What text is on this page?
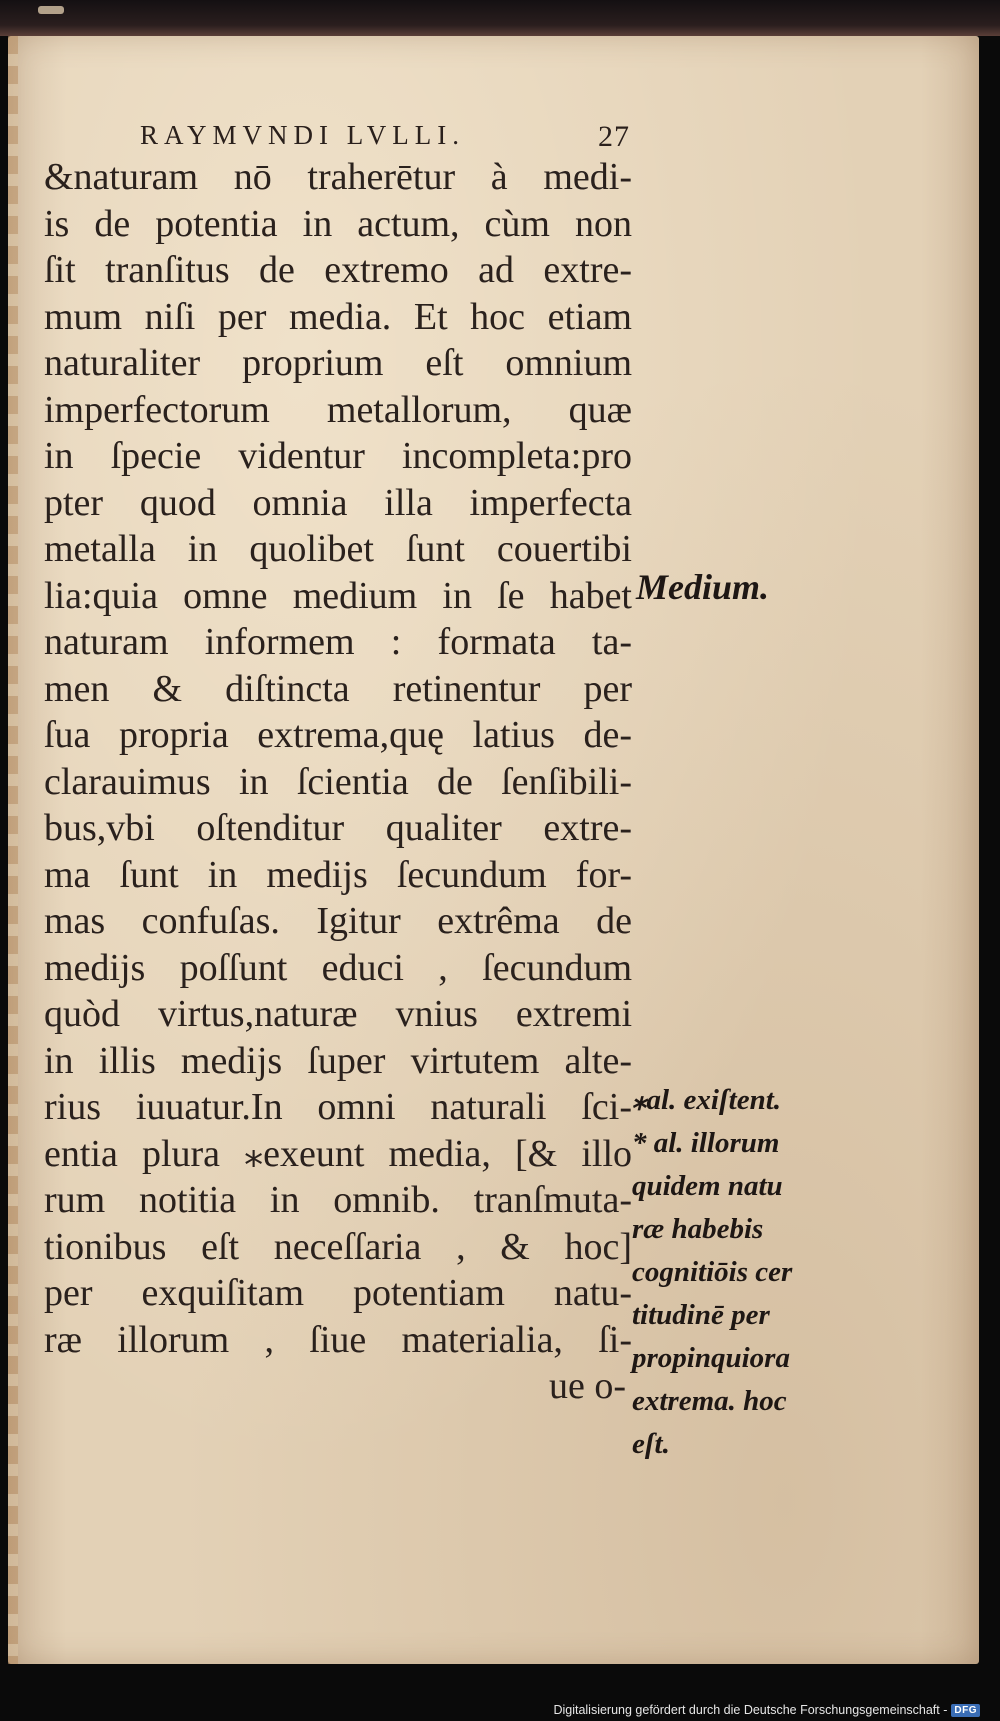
RAYMVNDI LVLLI.	27
&naturam nō traherētur à medi-
is de potentia in actum, cùm non
ſit tranſitus de extremo ad extre-
mum niſi per media. Et hoc etiam
naturaliter proprium eſt omnium
imperfectorum metallorum, quæ
in ſpecie videntur incompleta:pro
pter quod omnia illa imperfecta
metalla in quolibet ſunt couertibi
lia:quia omne medium in ſe habet
naturam informem : formata ta-
men & diſtincta retinentur per
ſua propria extrema,quę latius de-
clarauimus in ſcientia de ſenſibili-
bus,vbi oſtenditur qualiter extre-
ma ſunt in medijs ſecundum for-
mas confuſas. Igitur extrêma de
medijs poſſunt educi , ſecundum
quòd virtus,naturæ vnius extremi
in illis medijs ſuper virtutem alte-
rius iuuatur.In omni naturali ſci-
entia plura ⁎exeunt media, [& illo
rum notitia in omnib. tranſmuta-
tionibus eſt neceſſaria , & hoc]
per exquiſitam potentiam natu-
ræ illorum , ſiue materialia, ſi-
ue o-
Medium.
⁎al. exiſtent.
* al. illorum
quidem natu
ræ habebis
cognitiōis cer
titudinē per
propinquiora
extrema. hoc
eſt.
Digitalisierung gefördert durch die Deutsche Forschungsgemeinschaft - DFG
